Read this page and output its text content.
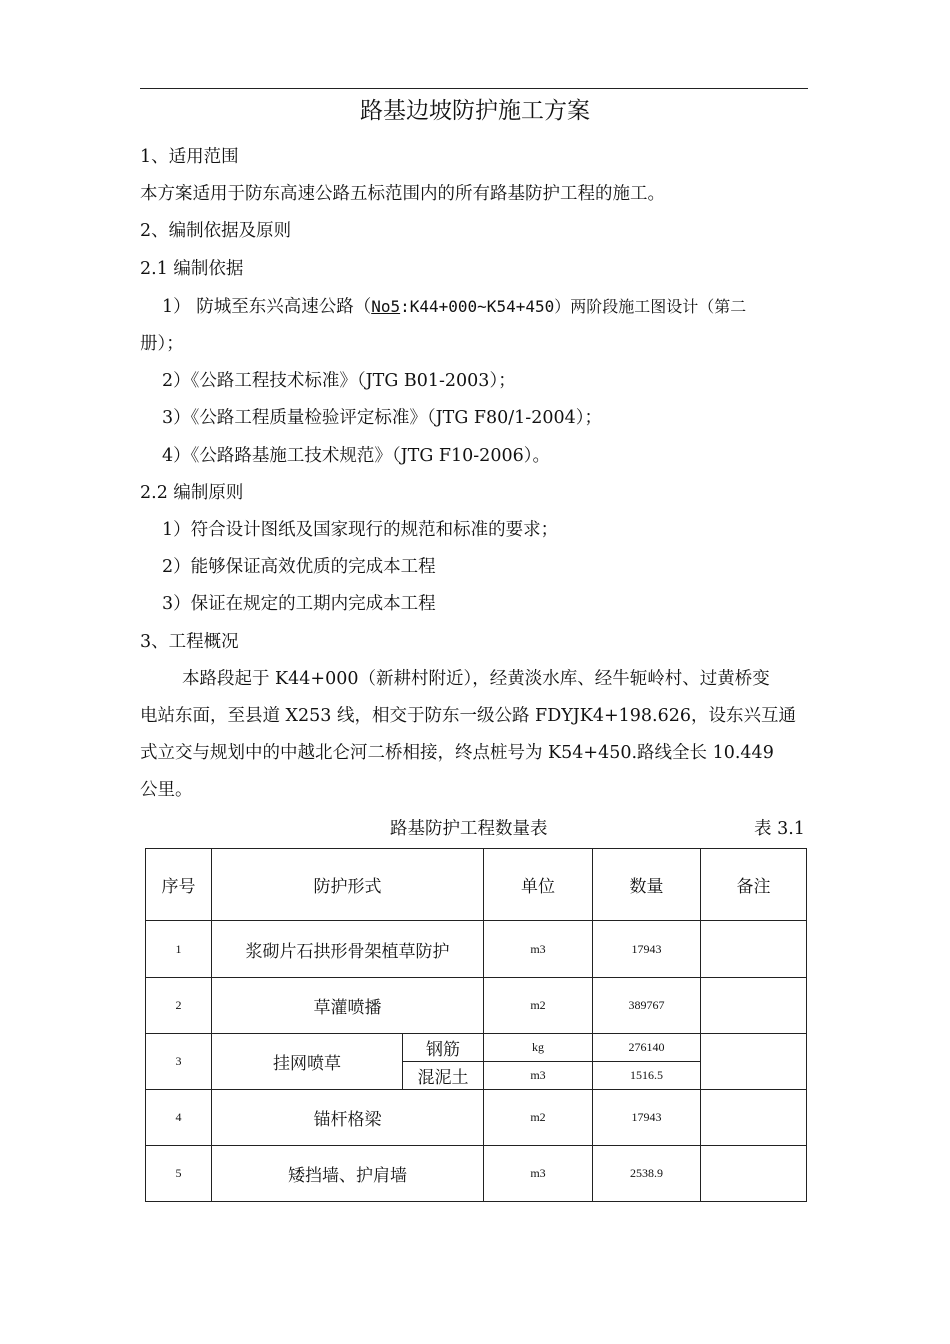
路基边坡防护施工方案
1、适用范围
本方案适用于防东高速公路五标范围内的所有路基防护工程的施工。
2、编制依据及原则
2.1 编制依据
1） 防城至东兴高速公路（No5:K44+000~K54+450）两阶段施工图设计（第二
册）；
2）《公路工程技术标准》（JTG B01-2003）；
3）《公路工程质量检验评定标准》（JTG F80/1-2004）；
4）《公路路基施工技术规范》（JTG F10-2006）。
2.2 编制原则
1）符合设计图纸及国家现行的规范和标准的要求；
2）能够保证高效优质的完成本工程
3）保证在规定的工期内完成本工程
3、工程概况
本路段起于 K44+000（新耕村附近），经黄淡水库、经牛轭岭村、过黄桥变
电站东面，至县道 X253 线，相交于防东一级公路 FDYJK4+198.626，设东兴互通
式立交与规划中的中越北仑河二桥相接，终点桩号为 K54+450.路线全长 10.449
公里。
路基防护工程数量表	表 3.1
序号	防护形式		单位	数量	备注
1	浆砌片石拱形骨架植草防护		m3	17943	
2	草灌喷播		m2	389767	
3	挂网喷草	钢筋	kg	276140	
		混泥土	m3	1516.5	
4	锚杆格梁		m2	17943	
5	矮挡墙、护肩墙		m3	2538.9	
